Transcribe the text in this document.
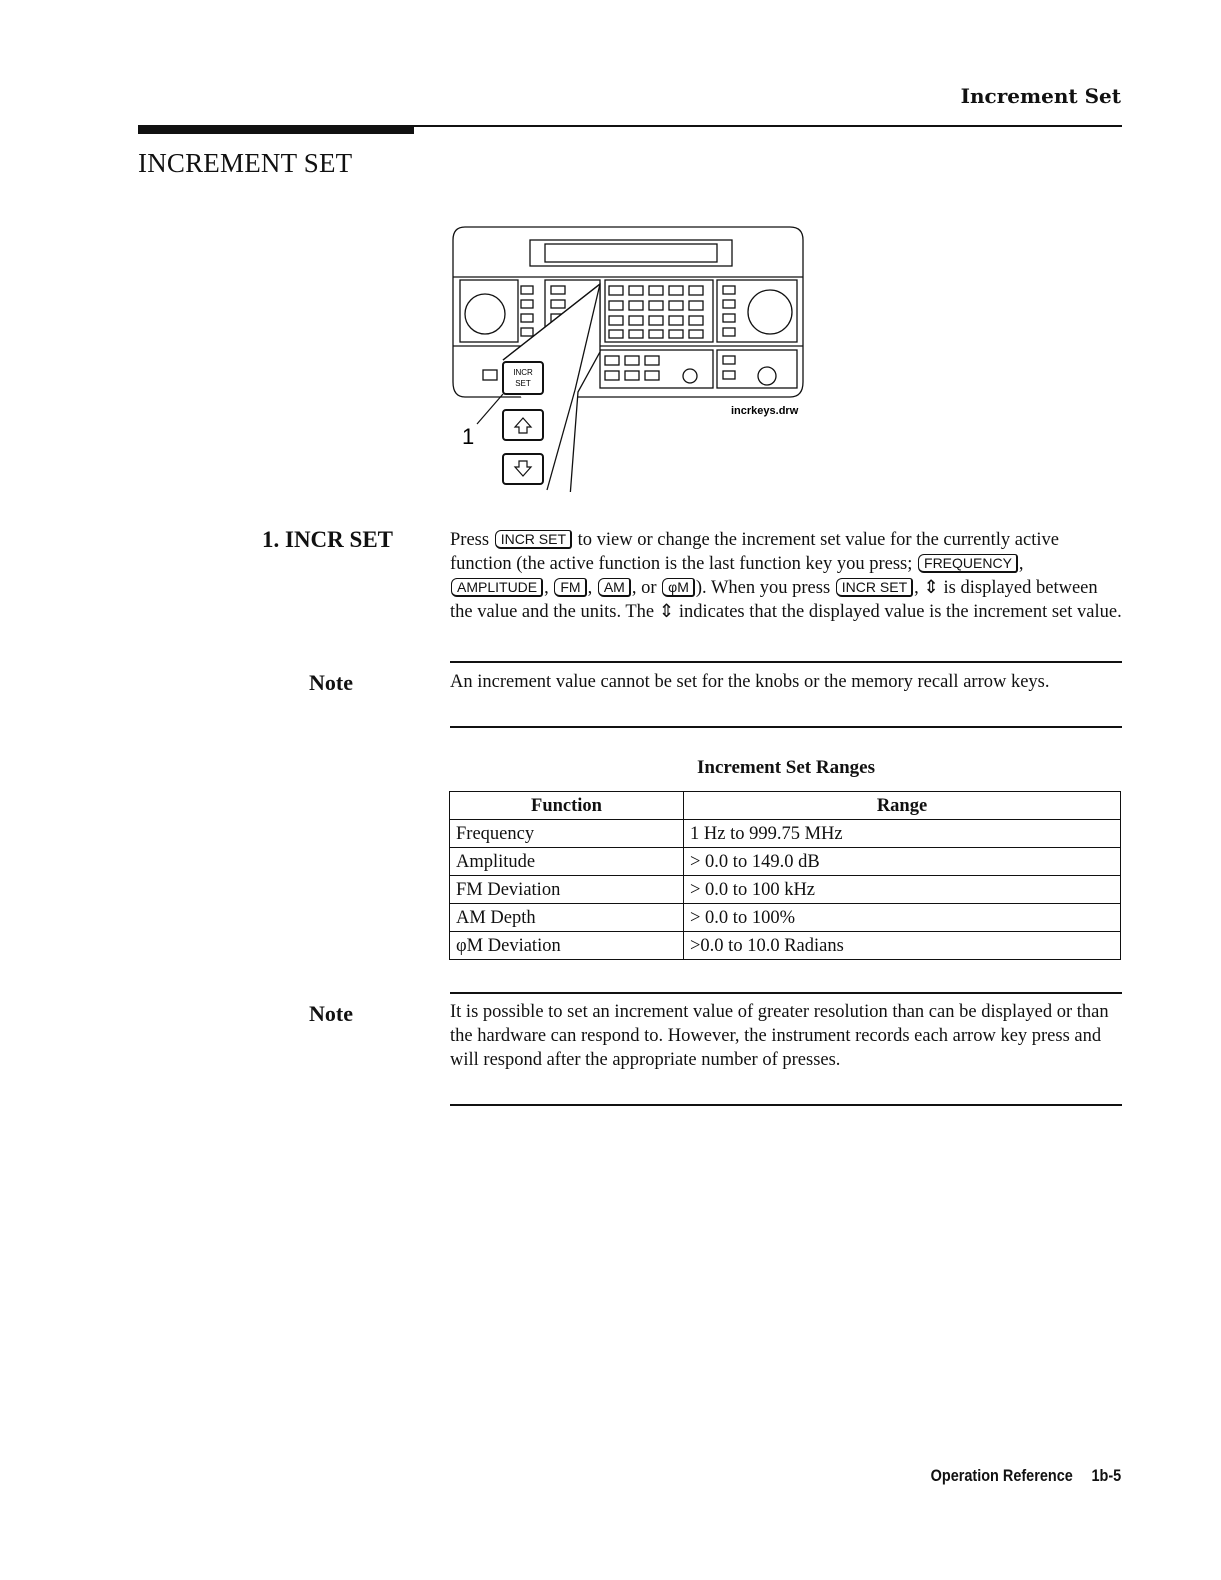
Increment Set
INCREMENT SET
INCR
SET
1
incrkeys.drw
1. INCR SET	Press INCR SET to view or change the increment set value for the currently active function (the active function is the last function key you press; FREQUENCY , AMPLITUDE , FM , AM , or φM ). When you press INCR SET , ⇕ is displayed between the value and the units. The ⇕ indicates that the displayed value is the increment set value.
Note	An increment value cannot be set for the knobs or the memory recall arrow keys.
Increment Set Ranges
Function	Range
Frequency	1 Hz to 999.75 MHz
Amplitude	> 0.0 to 149.0 dB
FM Deviation	> 0.0 to 100 kHz
AM Depth	> 0.0 to 100%
φM Deviation	>0.0 to 10.0 Radians
Note	It is possible to set an increment value of greater resolution than can be displayed or than the hardware can respond to. However, the instrument records each arrow key press and will respond after the appropriate number of presses.
Operation Reference 1b-5
